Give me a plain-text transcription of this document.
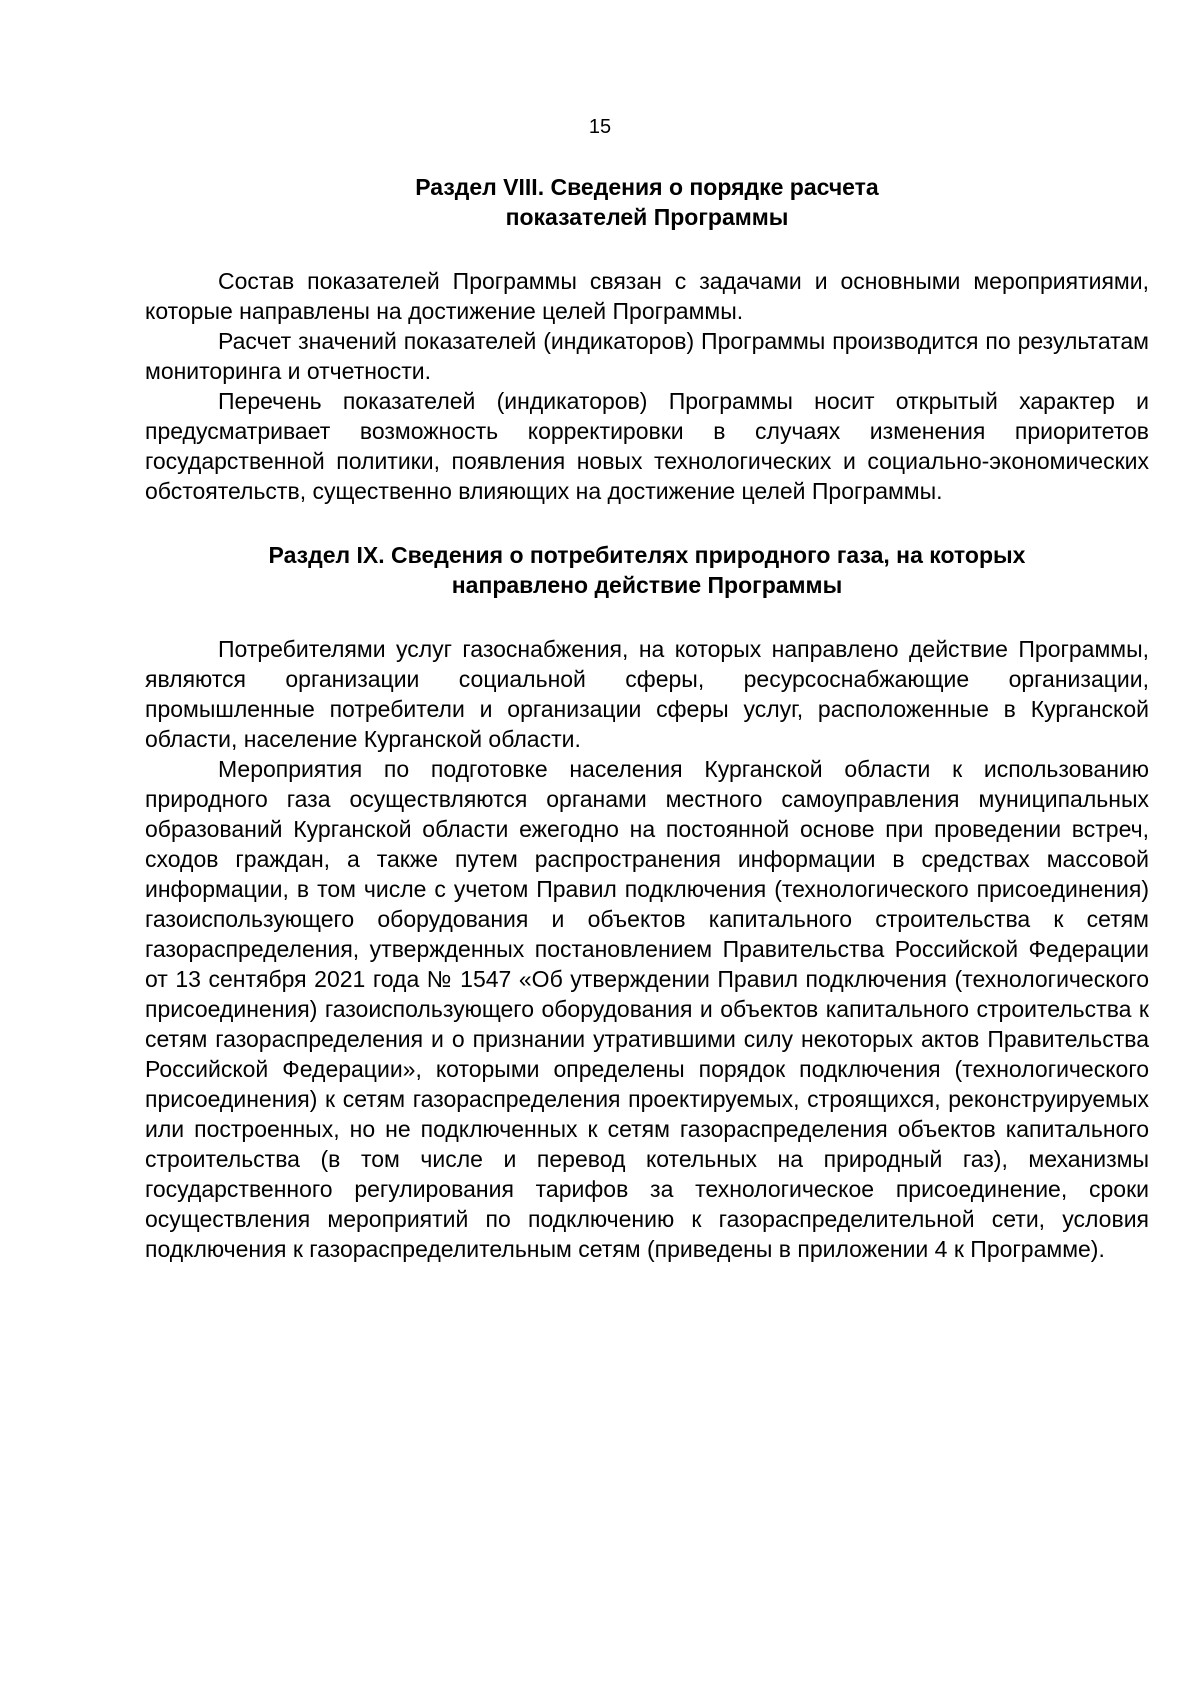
15
Раздел VIII. Сведения о порядке расчета
показателей Программы

Состав показателей Программы связан с задачами и основными мероприятиями, которые направлены на достижение целей Программы.

Расчет значений показателей (индикаторов) Программы производится по результатам мониторинга и отчетности.

Перечень показателей (индикаторов) Программы носит открытый характер и предусматривает возможность корректировки в случаях изменения приоритетов государственной политики, появления новых технологических и социально-экономических обстоятельств, существенно влияющих на достижение целей Программы.

Раздел IX. Сведения о потребителях природного газа, на которых
направлено действие Программы

Потребителями услуг газоснабжения, на которых направлено действие Программы, являются организации социальной сферы, ресурсоснабжающие организации, промышленные потребители и организации сферы услуг, расположенные в Курганской области, население Курганской области.

Мероприятия по подготовке населения Курганской области к использованию природного газа осуществляются органами местного самоуправления муниципальных образований Курганской области ежегодно на постоянной основе при проведении встреч, сходов граждан, а также путем распространения информации в средствах массовой информации, в том числе с учетом Правил подключения (технологического присоединения) газоиспользующего оборудования и объектов капитального строительства к сетям газораспределения, утвержденных постановлением Правительства Российской Федерации от 13 сентября 2021 года № 1547 «Об утверждении Правил подключения (технологического присоединения) газоиспользующего оборудования и объектов капитального строительства к сетям газораспределения и о признании утратившими силу некоторых актов Правительства Российской Федерации», которыми определены порядок подключения (технологического присоединения) к сетям газораспределения проектируемых, строящихся, реконструируемых или построенных, но не подключенных к сетям газораспределения объектов капитального строительства (в том числе и перевод котельных на природный газ), механизмы государственного регулирования тарифов за технологическое присоединение, сроки осуществления мероприятий по подключению к газораспределительной сети, условия подключения к газораспределительным сетям (приведены в приложении 4 к Программе).
